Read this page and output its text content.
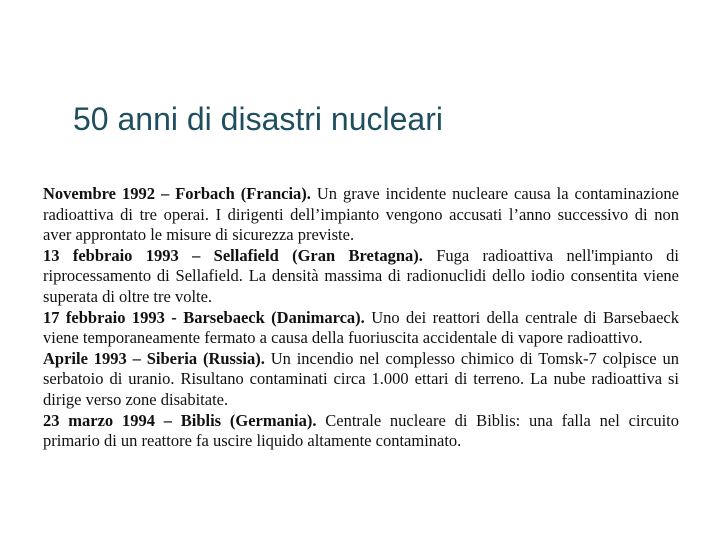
50 anni di disastri nucleari

Novembre 1992 – Forbach (Francia). Un grave incidente nucleare causa la contaminazione radioattiva di tre operai. I dirigenti dell’impianto vengono accusati l’anno successivo di non aver approntato le misure di sicurezza previste.

13 febbraio 1993 – Sellafield (Gran Bretagna). Fuga radioattiva nell'impianto di riprocessamento di Sellafield. La densità massima di radionuclidi dello iodio consentita viene superata di oltre tre volte.

17 febbraio 1993 - Barsebaeck (Danimarca). Uno dei reattori della centrale di Barsebaeck viene temporaneamente fermato a causa della fuoriuscita accidentale di vapore radioattivo.

Aprile 1993 – Siberia (Russia). Un incendio nel complesso chimico di Tomsk-7 colpisce un serbatoio di uranio. Risultano contaminati circa 1.000 ettari di terreno. La nube radioattiva si dirige verso zone disabitate.

23 marzo 1994 – Biblis (Germania). Centrale nucleare di Biblis: una falla nel circuito primario di un reattore fa uscire liquido altamente contaminato.
